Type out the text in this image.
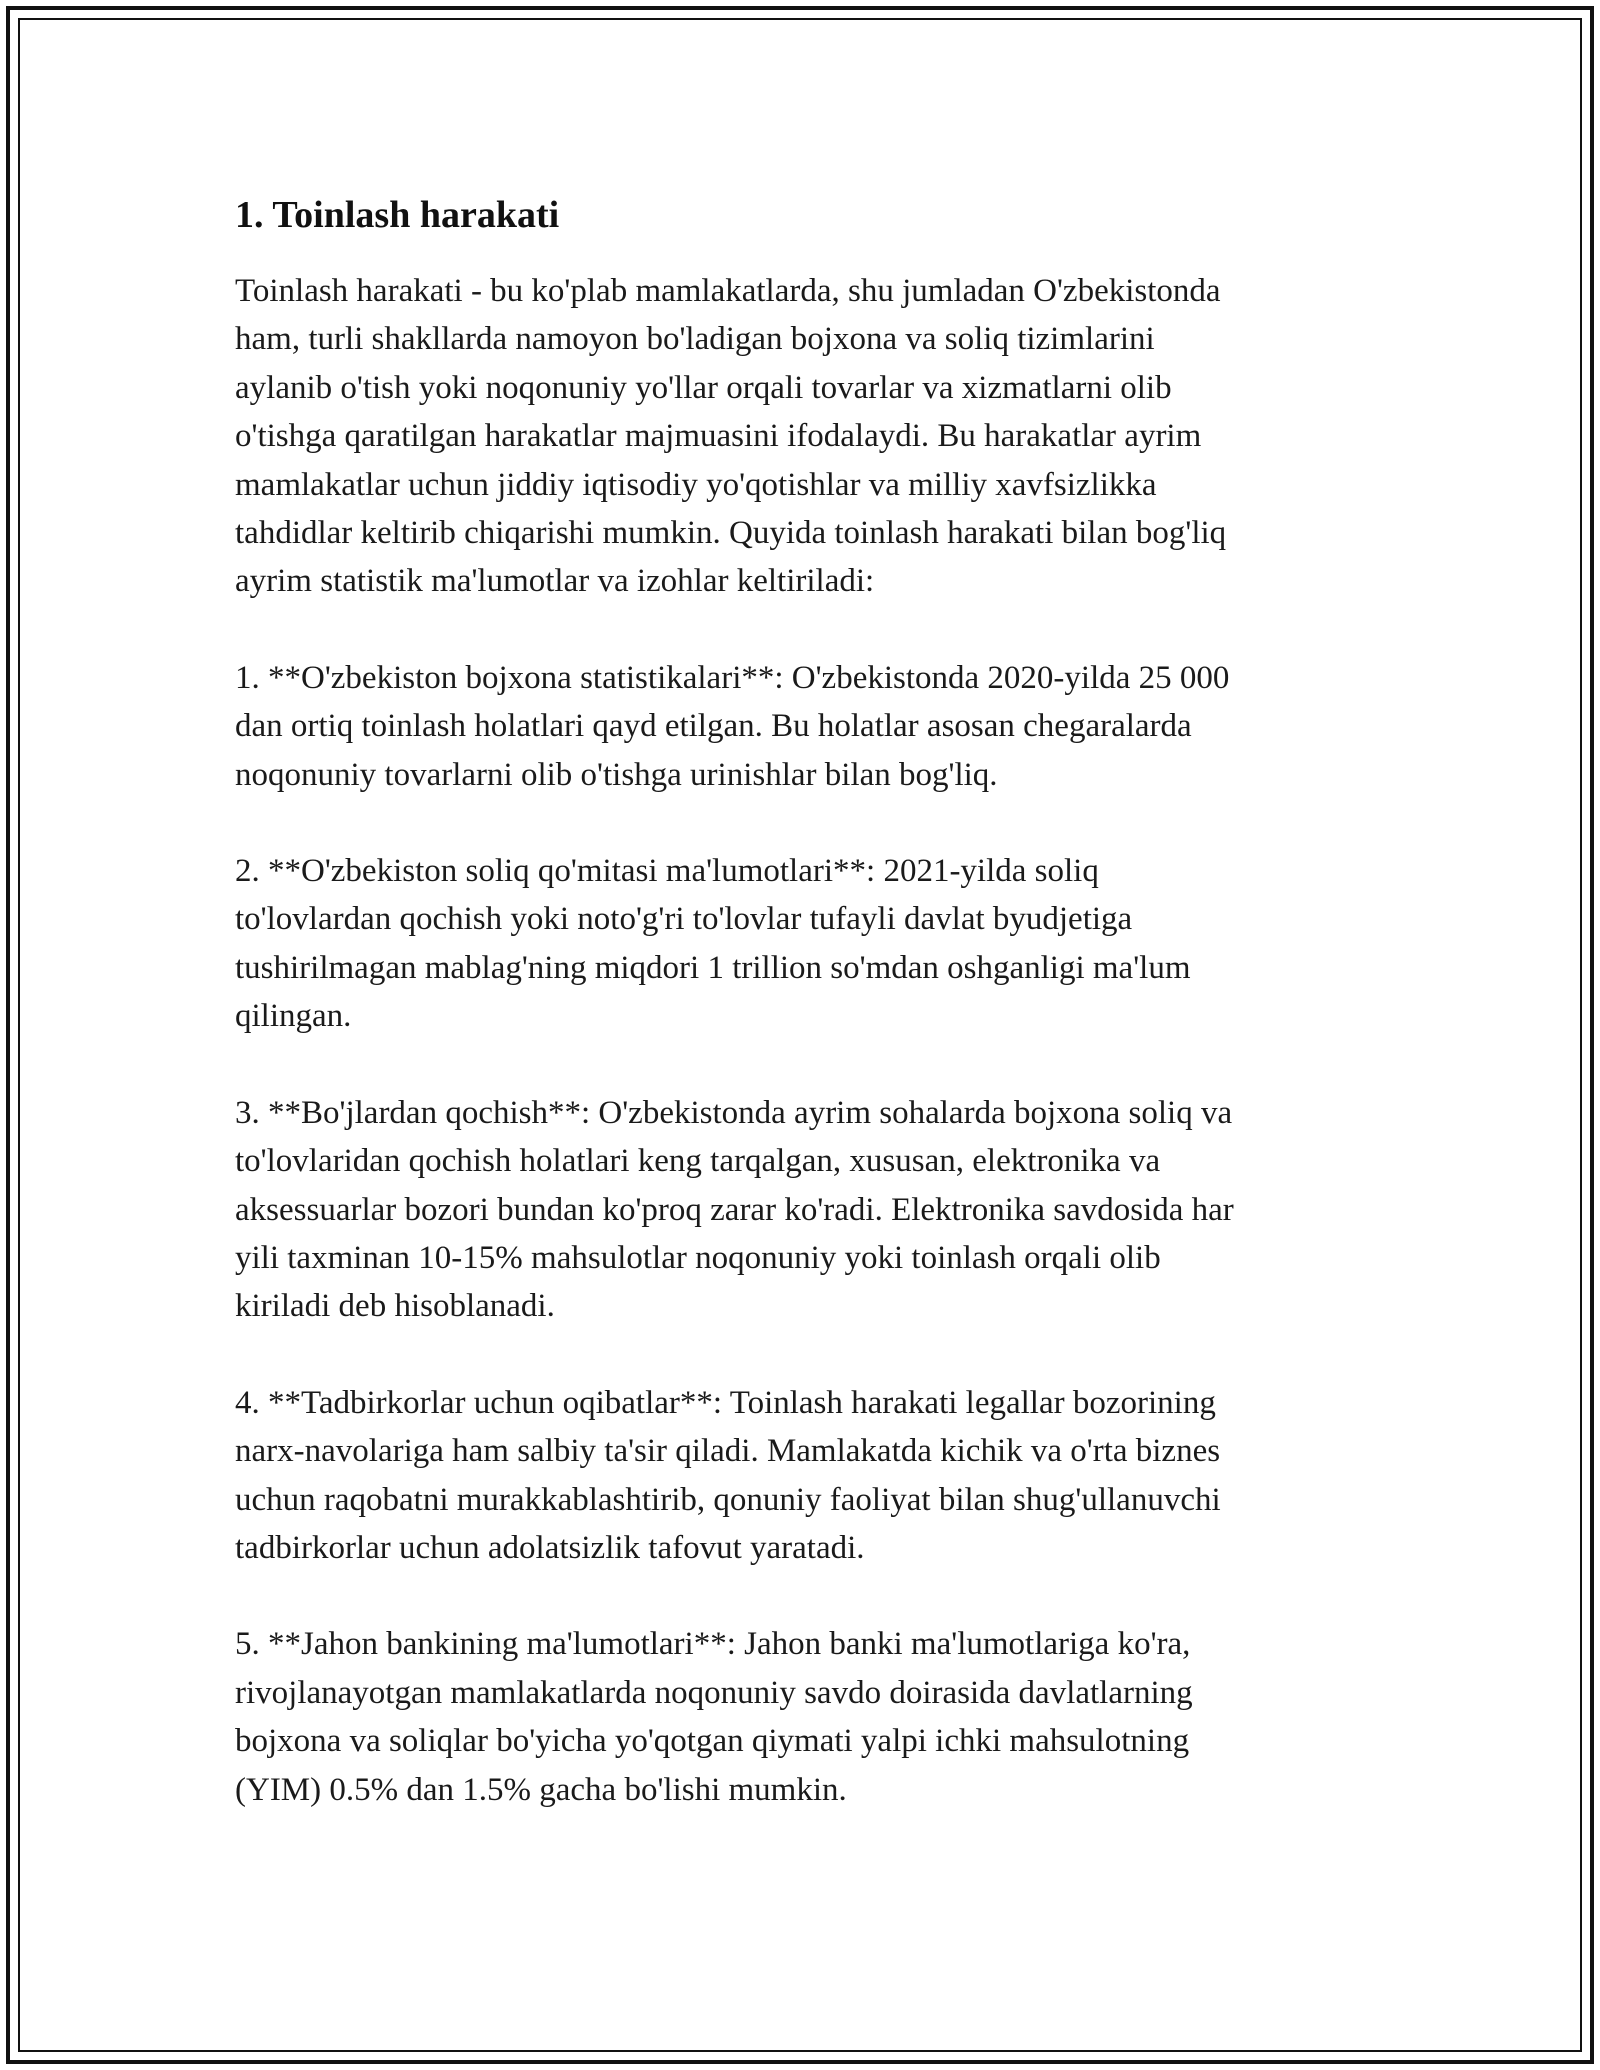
1. Toinlash harakati

Toinlash harakati - bu ko'plab mamlakatlarda, shu jumladan O'zbekistonda
ham, turli shakllarda namoyon bo'ladigan bojxona va soliq tizimlarini
aylanib o'tish yoki noqonuniy yo'llar orqali tovarlar va xizmatlarni olib
o'tishga qaratilgan harakatlar majmuasini ifodalaydi. Bu harakatlar ayrim
mamlakatlar uchun jiddiy iqtisodiy yo'qotishlar va milliy xavfsizlikka
tahdidlar keltirib chiqarishi mumkin. Quyida toinlash harakati bilan bog'liq
ayrim statistik ma'lumotlar va izohlar keltiriladi:

1. **O'zbekiston bojxona statistikalari**: O'zbekistonda 2020-yilda 25 000
dan ortiq toinlash holatlari qayd etilgan. Bu holatlar asosan chegaralarda
noqonuniy tovarlarni olib o'tishga urinishlar bilan bog'liq.

2. **O'zbekiston soliq qo'mitasi ma'lumotlari**: 2021-yilda soliq
to'lovlardan qochish yoki noto'g'ri to'lovlar tufayli davlat byudjetiga
tushirilmagan mablag'ning miqdori 1 trillion so'mdan oshganligi ma'lum
qilingan.

3. **Bo'jlardan qochish**: O'zbekistonda ayrim sohalarda bojxona soliq va
to'lovlaridan qochish holatlari keng tarqalgan, xususan, elektronika va
aksessuarlar bozori bundan ko'proq zarar ko'radi. Elektronika savdosida har
yili taxminan 10-15% mahsulotlar noqonuniy yoki toinlash orqali olib
kiriladi deb hisoblanadi.

4. **Tadbirkorlar uchun oqibatlar**: Toinlash harakati legallar bozorining
narx-navolariga ham salbiy ta'sir qiladi. Mamlakatda kichik va o'rta biznes
uchun raqobatni murakkablashtirib, qonuniy faoliyat bilan shug'ullanuvchi
tadbirkorlar uchun adolatsizlik tafovut yaratadi.

5. **Jahon bankining ma'lumotlari**: Jahon banki ma'lumotlariga ko'ra,
rivojlanayotgan mamlakatlarda noqonuniy savdo doirasida davlatlarning
bojxona va soliqlar bo'yicha yo'qotgan qiymati yalpi ichki mahsulotning
(YIM) 0.5% dan 1.5% gacha bo'lishi mumkin.
